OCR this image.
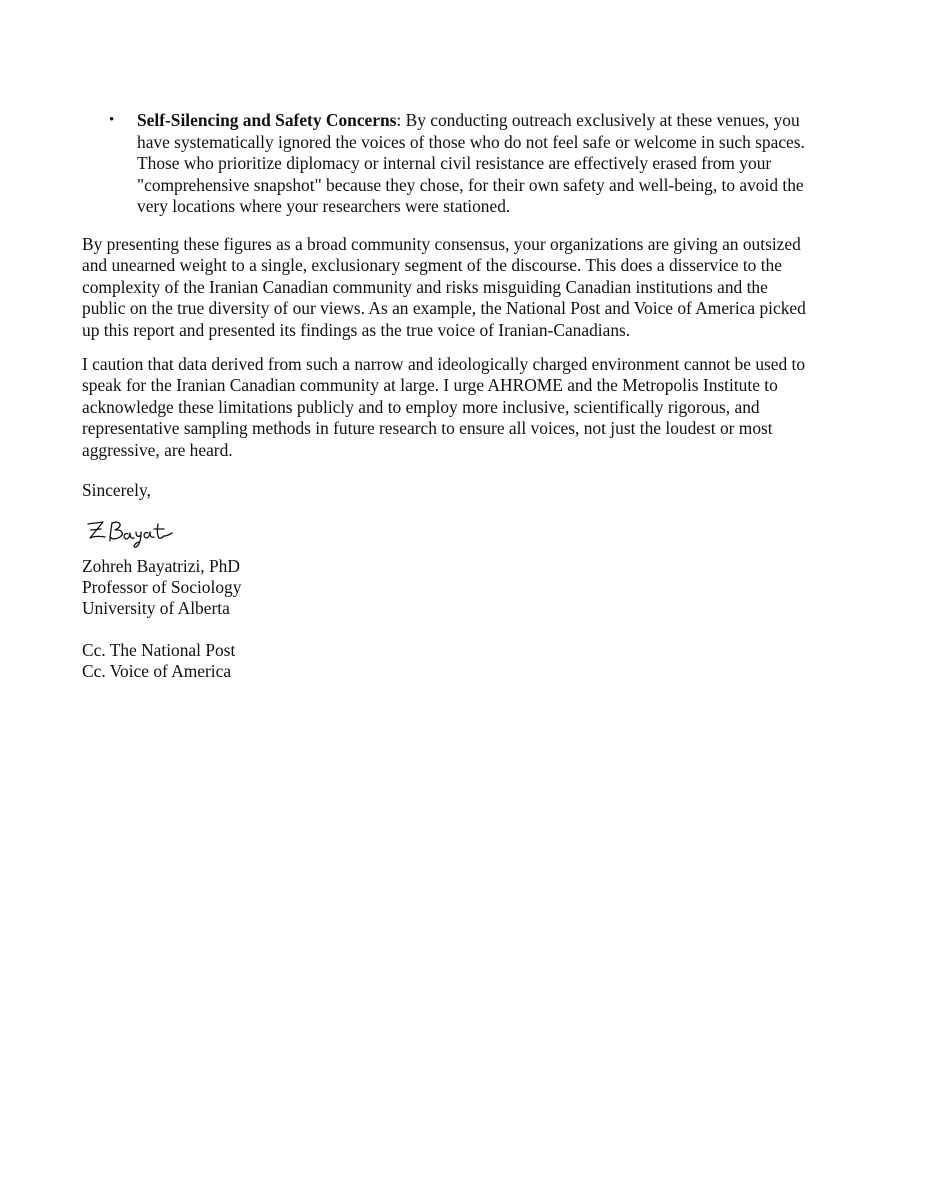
•	Self-Silencing and Safety Concerns: By conducting outreach exclusively at these venues, you
have systematically ignored the voices of those who do not feel safe or welcome in such spaces.
Those who prioritize diplomacy or internal civil resistance are effectively erased from your
"comprehensive snapshot" because they chose, for their own safety and well-being, to avoid the
very locations where your researchers were stationed.
By presenting these figures as a broad community consensus, your organizations are giving an outsized
and unearned weight to a single, exclusionary segment of the discourse. This does a disservice to the
complexity of the Iranian Canadian community and risks misguiding Canadian institutions and the
public on the true diversity of our views. As an example, the National Post and Voice of America picked
up this report and presented its findings as the true voice of Iranian-Canadians.
I caution that data derived from such a narrow and ideologically charged environment cannot be used to
speak for the Iranian Canadian community at large. I urge AHROME and the Metropolis Institute to
acknowledge these limitations publicly and to employ more inclusive, scientifically rigorous, and
representative sampling methods in future research to ensure all voices, not just the loudest or most
aggressive, are heard.
Sincerely,
Zohreh Bayatrizi, PhD
Professor of Sociology
University of Alberta
Cc. The National Post
Cc. Voice of America
